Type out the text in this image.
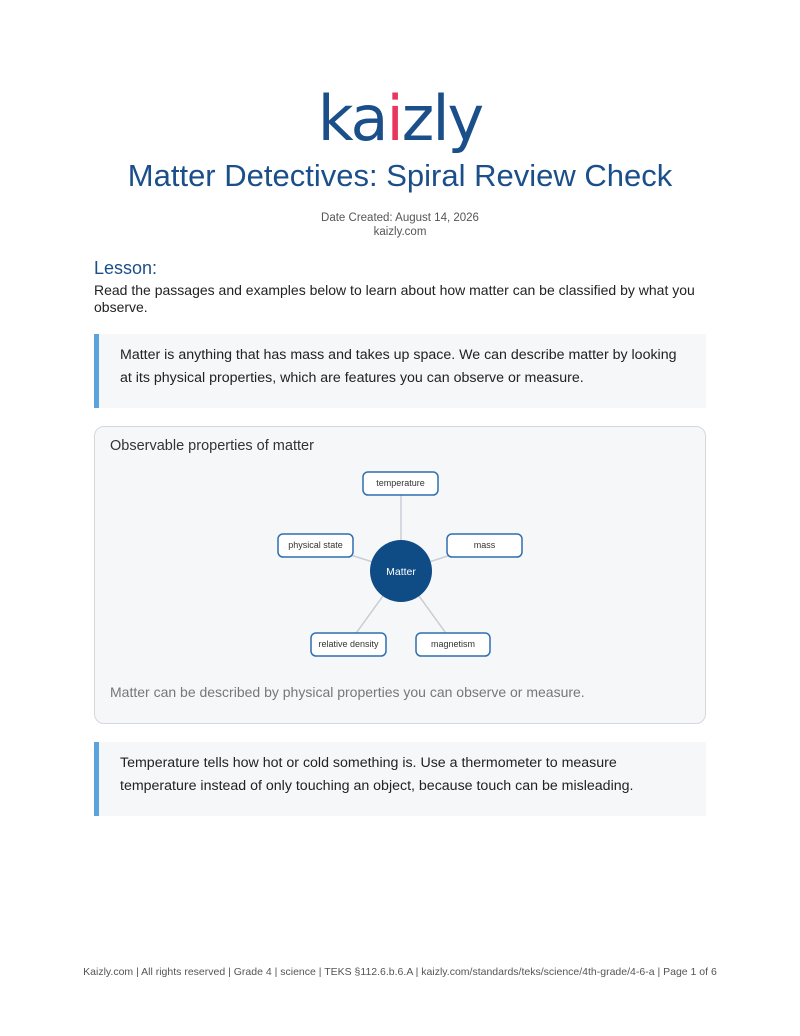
kaizly
Matter Detectives: Spiral Review Check
Date Created: August 14, 2026
kaizly.com
Lesson:
Read the passages and examples below to learn about how matter can be classified by what you observe.
Matter is anything that has mass and takes up space. We can describe matter by looking at its physical properties, which are features you can observe or measure.
Observable properties of matter
temperature
mass
magnetism
relative density
physical state
Matter
Matter can be described by physical properties you can observe or measure.
Temperature tells how hot or cold something is. Use a thermometer to measure temperature instead of only touching an object, because touch can be misleading.
Kaizly.com | All rights reserved | Grade 4 | science | TEKS §112.6.b.6.A | kaizly.com/standards/teks/science/4th-grade/4-6-a | Page 1 of 6
